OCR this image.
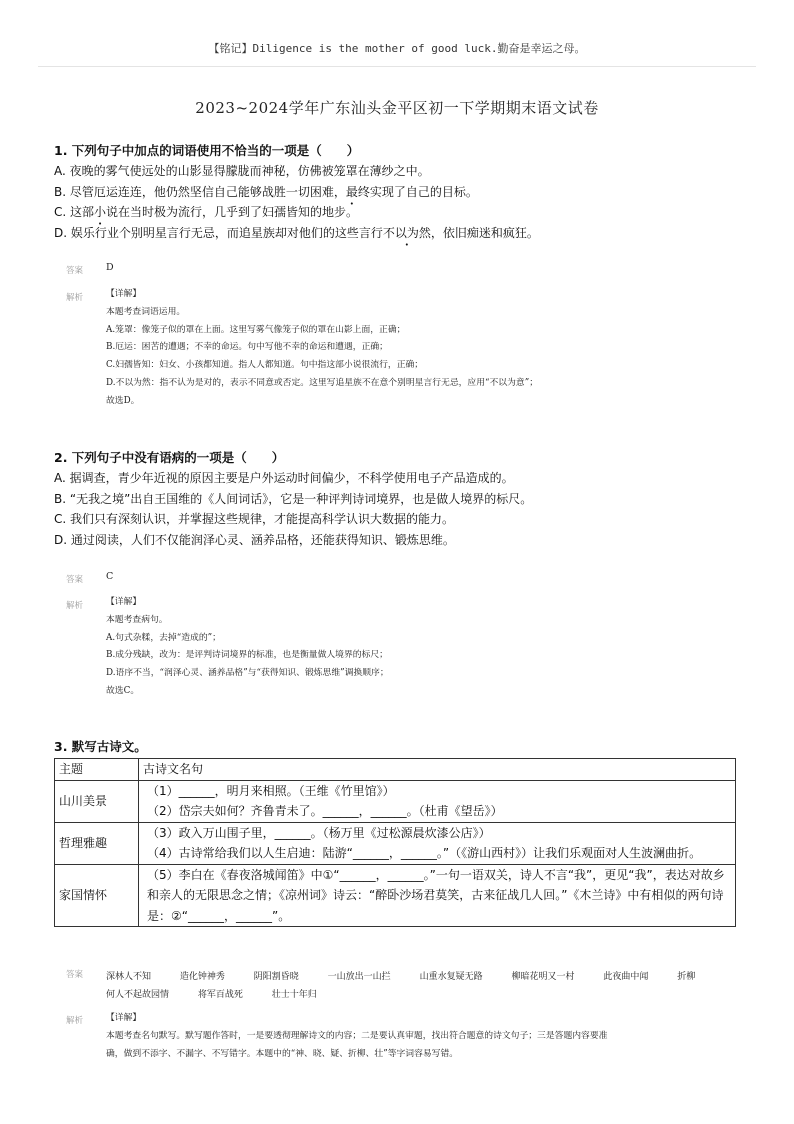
【铭记】Diligence is the mother of good luck.勤奋是幸运之母。
2023~2024学年广东汕头金平区初一下学期期末语文试卷
1. 下列句子中加点的词语使用不恰当的一项是（　　）
A. 夜晚的雾气使远处的山影显得朦胧而神秘，仿佛被笼罩在薄纱之中。
B. 尽管厄运连连，他仍然坚信自己能够战胜一切困难，最终实现了自己的目标。
C. 这部小说在当时极为流行，几乎到了妇孺皆知的地步。
D. 娱乐行业个别明星言行无忌，而追星族却对他们的这些言行不以为然，依旧痴迷和疯狂。
答案 D
解析	【详解】
本题考查词语运用。
A.笼罩：像笼子似的罩在上面。这里写雾气像笼子似的罩在山影上面，正确；
B.厄运：困苦的遭遇；不幸的命运。句中写他不幸的命运和遭遇，正确；
C.妇孺皆知：妇女、小孩都知道。指人人都知道。句中指这部小说很流行，正确；
D.不以为然：指不认为是对的，表示不同意或否定。这里写追星族不在意个别明星言行无忌，应用“不以为意”；
故选D。
2. 下列句子中没有语病的一项是（　　）
A. 据调查，青少年近视的原因主要是户外运动时间偏少，不科学使用电子产品造成的。
B. “无我之境”出自王国维的《人间词话》，它是一种评判诗词境界，也是做人境界的标尺。
C. 我们只有深刻认识，并掌握这些规律，才能提高科学认识大数据的能力。
D. 通过阅读，人们不仅能润泽心灵、涵养品格，还能获得知识、锻炼思维。
答案 C
解析	【详解】
本题考查病句。
A.句式杂糅，去掉“造成的”；
B.成分残缺，改为：是评判诗词境界的标准，也是衡量做人境界的标尺；
D.语序不当，“润泽心灵、涵养品格”与“获得知识、锻炼思维”调换顺序；
故选C。
3. 默写古诗文。
主题	古诗文名句
山川美景	（1）______，明月来相照。（王维《竹里馆》）
（2）岱宗夫如何？齐鲁青未了。______，______。（杜甫《望岳》）

哲理雅趣	（3）政入万山围子里，______。（杨万里《过松源晨炊漆公店》）
（4）古诗常给我们以人生启迪：陆游“______，______。”（《游山西村》）让我们乐观面对人生波澜曲折。

家国情怀	（5）李白在《春夜洛城闻笛》中①“______，______。”一句一语双关，诗人不言“我”，更见“我”，表达对故乡和亲人的无限思念之情；《凉州词》诗云：“醉卧沙场君莫笑，古来征战几人回。”《木兰诗》中有相似的两句诗是：②“______，______”。
答案	深林人不知	造化钟神秀	阴阳割昏晓	一山放出一山拦	山重水复疑无路	柳暗花明又一村	此夜曲中闻	折柳 何人不起故园情	将军百战死	壮士十年归
解析	【详解】
本题考查名句默写。默写题作答时，一是要透彻理解诗文的内容；二是要认真审题，找出符合题意的诗文句子；三是答题内容要准
确，做到不添字、不漏字、不写错字。本题中的“神、晓、疑、折柳、壮”等字词容易写错。
